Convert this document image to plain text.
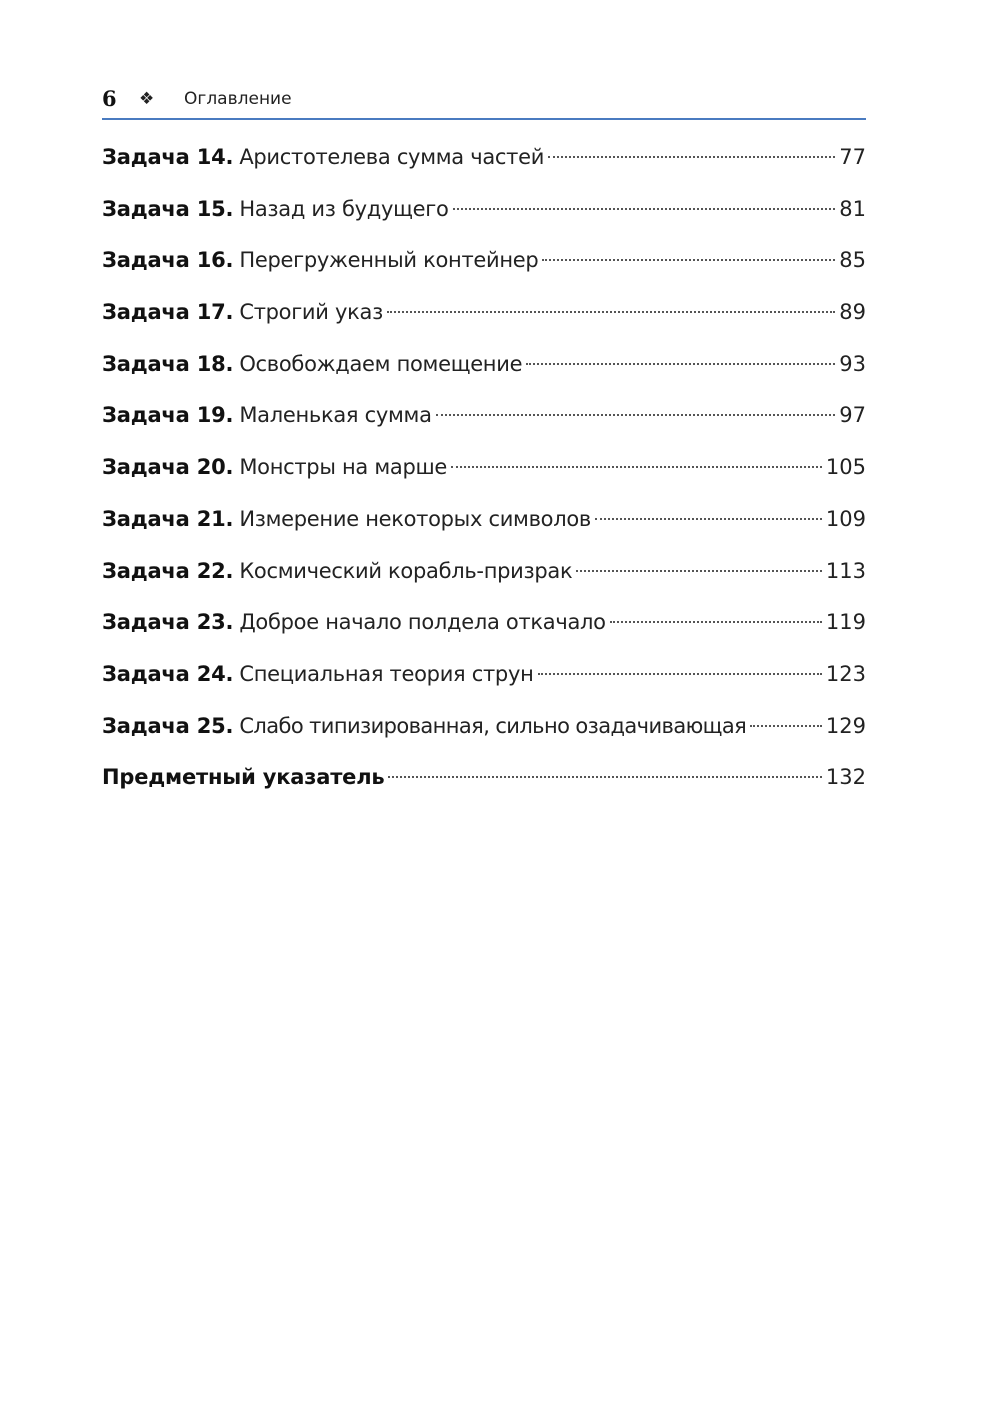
6 ❖ Оглавление
Задача 14. Аристотелева сумма частей	77
Задача 15. Назад из будущего	81
Задача 16. Перегруженный контейнер	85
Задача 17. Строгий указ	89
Задача 18. Освобождаем помещение	93
Задача 19. Маленькая сумма	97
Задача 20. Монстры на марше	105
Задача 21. Измерение некоторых символов	109
Задача 22. Космический корабль-призрак	113
Задача 23. Доброе начало полдела откачало	119
Задача 24. Специальная теория струн	123
Задача 25. Слабо типизированная, сильно озадачивающая	129
Предметный указатель	132
